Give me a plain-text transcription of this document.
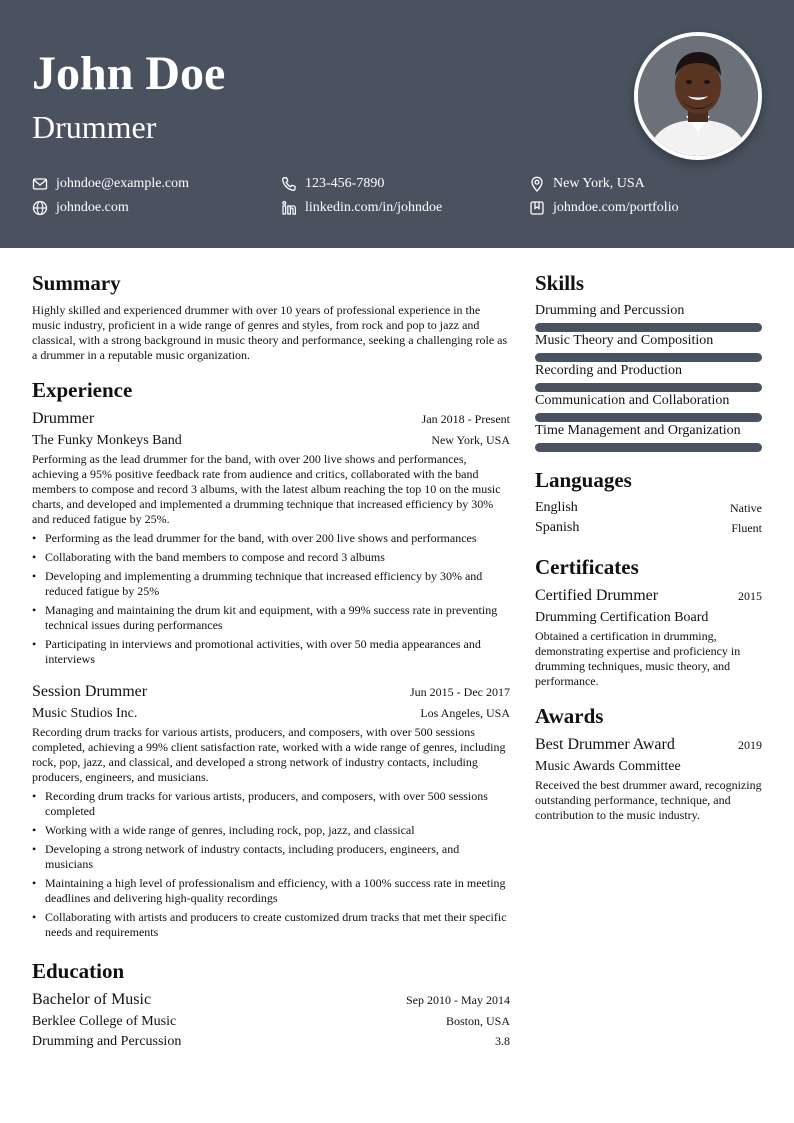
John Doe
Drummer
johndoe@example.com	123-456-7890	New York, USA
johndoe.com	linkedin.com/in/johndoe	johndoe.com/portfolio
Summary
Highly skilled and experienced drummer with over 10 years of professional experience in the music industry, proficient in a wide range of genres and styles, from rock and pop to jazz and classical, with a strong background in music theory and performance, seeking a challenging role as a drummer in a reputable music organization.
Experience
Drummer	Jan 2018 - Present
The Funky Monkeys Band	New York, USA
Performing as the lead drummer for the band, with over 200 live shows and performances, achieving a 95% positive feedback rate from audience and critics, collaborated with the band members to compose and record 3 albums, with the latest album reaching the top 10 on the music charts, and developed and implemented a drumming technique that increased efficiency by 30% and reduced fatigue by 25%.
• Performing as the lead drummer for the band, with over 200 live shows and performances
• Collaborating with the band members to compose and record 3 albums
• Developing and implementing a drumming technique that increased efficiency by 30% and reduced fatigue by 25%
• Managing and maintaining the drum kit and equipment, with a 99% success rate in preventing technical issues during performances
• Participating in interviews and promotional activities, with over 50 media appearances and interviews
Session Drummer	Jun 2015 - Dec 2017
Music Studios Inc.	Los Angeles, USA
Recording drum tracks for various artists, producers, and composers, with over 500 sessions completed, achieving a 99% client satisfaction rate, worked with a wide range of genres, including rock, pop, jazz, and classical, and developed a strong network of industry contacts, including producers, engineers, and musicians.
• Recording drum tracks for various artists, producers, and composers, with over 500 sessions completed
• Working with a wide range of genres, including rock, pop, jazz, and classical
• Developing a strong network of industry contacts, including producers, engineers, and musicians
• Maintaining a high level of professionalism and efficiency, with a 100% success rate in meeting deadlines and delivering high-quality recordings
• Collaborating with artists and producers to create customized drum tracks that met their specific needs and requirements
Education
Bachelor of Music	Sep 2010 - May 2014
Berklee College of Music	Boston, USA
Drumming and Percussion	3.8
Skills
Drumming and Percussion
Music Theory and Composition
Recording and Production
Communication and Collaboration
Time Management and Organization
Languages
English	Native
Spanish	Fluent
Certificates
Certified Drummer	2015
Drumming Certification Board
Obtained a certification in drumming, demonstrating expertise and proficiency in drumming techniques, music theory, and performance.
Awards
Best Drummer Award	2019
Music Awards Committee
Received the best drummer award, recognizing outstanding performance, technique, and contribution to the music industry.
